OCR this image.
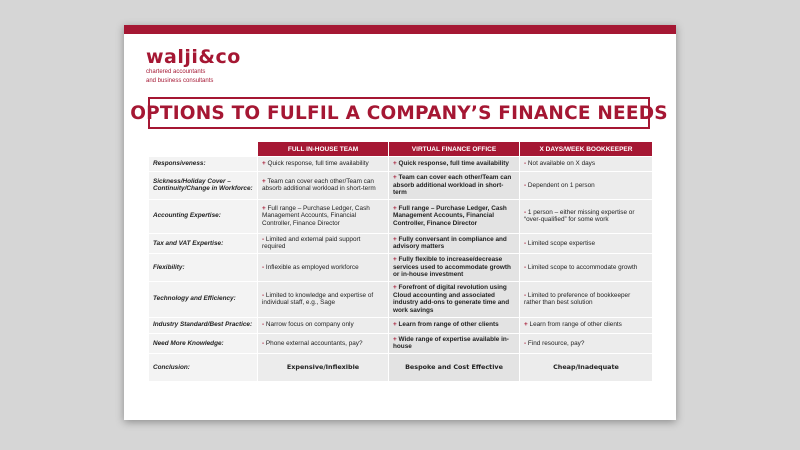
walji&co
chartered accountants
and business consultants
OPTIONS TO FULFIL A COMPANY’S FINANCE NEEDS
	FULL IN-HOUSE TEAM	VIRTUAL FINANCE OFFICE	X DAYS/WEEK BOOKKEEPER
Responsiveness:	+ Quick response, full time availability	+ Quick response, full time availability	- Not available on X days
Sickness/Holiday Cover – Continuity/Change in Workforce:	+ Team can cover each other/Team can absorb additional workload in short-term	+ Team can cover each other/Team can absorb additional workload in short-term	- Dependent on 1 person
Accounting Expertise:	+ Full range – Purchase Ledger, Cash Management Accounts, Financial Controller, Finance Director	+ Full range – Purchase Ledger, Cash Management Accounts, Financial Controller, Finance Director	- 1 person – either missing expertise or “over-qualified” for some work
Tax and VAT Expertise:	- Limited and external paid support required	+ Fully conversant in compliance and advisory matters	- Limited scope expertise
Flexibility:	- Inflexible as employed workforce	+ Fully flexible to increase/decrease services used to accommodate growth or in-house investment	- Limited scope to accommodate growth
Technology and Efficiency:	- Limited to knowledge and expertise of individual staff, e.g., Sage	+ Forefront of digital revolution using Cloud accounting and associated industry add-ons to generate time and work savings	- Limited to preference of bookkeeper rather than best solution
Industry Standard/Best Practice:	- Narrow focus on company only	+ Learn from range of other clients	+ Learn from range of other clients
Need More Knowledge:	- Phone external accountants, pay?	+ Wide range of expertise available in-house	- Find resource, pay?
Conclusion:	Expensive/Inflexible	Bespoke and Cost Effective	Cheap/Inadequate
